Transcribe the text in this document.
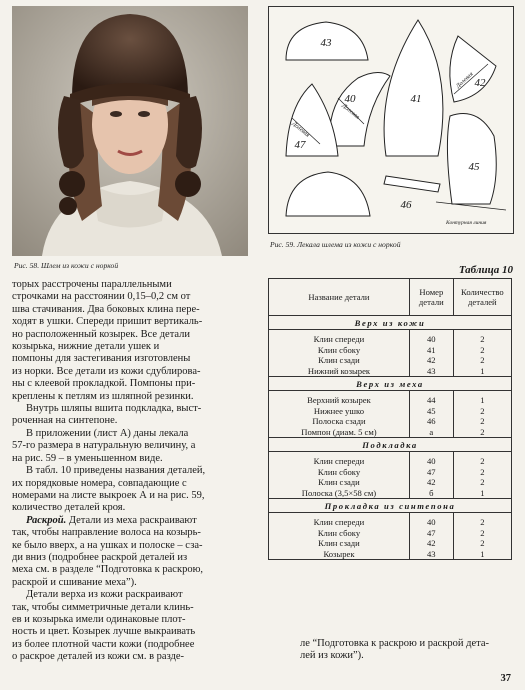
Рис. 58. Шлем из кожи с норкой
43
40	41
42
47
45
46
Долевая
Долевая
Долевая
Контурная линия
Рис. 59. Лекала шлема из кожи с норкой

торых расстрочены параллельными

строчками на расстоянии 0,15–0,2 см от

шва стачивания. Два боковых клина пере-

ходят в ушки. Спереди пришит вертикаль-

но расположенный козырек. Все детали

козырька, нижние детали ушек и

помпоны для застегивания изготовлены

из норки. Все детали из кожи сдублирова-

ны с клеевой прокладкой. Помпоны при-

креплены к петлям из шляпной резинки.

Внутрь шляпы вшита подкладка, выст-

роченная на синтепоне.

В приложении (лист А) даны лекала

57-го размера в натуральную величину, а

на рис. 59 – в уменьшенном виде.

В табл. 10 приведены названия деталей,

их порядковые номера, совпадающие с

номерами на листе выкроек А и на рис. 59,

количество деталей кроя.

Раскрой. Детали из меха раскраивают

так, чтобы направление волоса на козырь-

ке было вверх, а на ушках и полоске – сза-

ди вниз (подробнее раскрой деталей из

меха см. в разделе “Подготовка к раскрою,

раскрой и сшивание меха”).

Детали верха из кожи раскраивают

так, чтобы симметричные детали клинь-

ев и козырька имели одинаковые плот-

ность и цвет. Козырек лучше выкраивать

из более плотной части кожи (подробнее

о раскрое деталей из кожи см. в разде-

Таблица 10
Название детали	Номер детали	Количество деталей
Верх из кожи		

Клин спереди	40	2
Клин сбоку	41	2
Клин сзади	42	2
Нижний козырек	43	1
Верх из меха		

Верхний козырек	44	1
Нижнее ушко	45	2
Полоска сзади	46	2
Помпон (диам. 5 см)	а	2
Подкладка		

Клин спереди	40	2
Клин сбоку	47	2
Клин сзади	42	2
Полоска (3,5×58 см)	б	1
Прокладка из синтепона		

Клин спереди	40	2
Клин сбоку	47	2
Клин сзади	42	2
Козырек	43	1
ле “Подготовка к раскрою и раскрой дета-
лей из кожи”).
37
